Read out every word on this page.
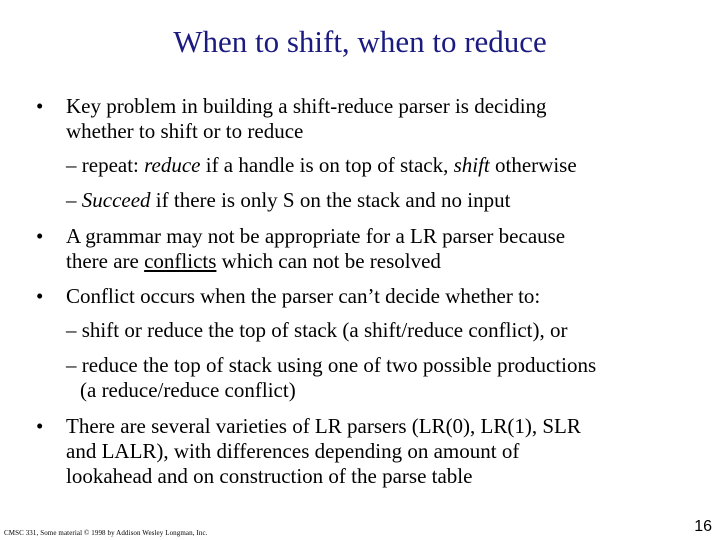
When to shift, when to reduce
• Key problem in building a shift-reduce parser is deciding
whether to shift or to reduce
– repeat: reduce if a handle is on top of stack, shift otherwise
– Succeed if there is only S on the stack and no input
• A grammar may not be appropriate for a LR parser because
there are conflicts which can not be resolved
• Conflict occurs when the parser can’t decide whether to:
– shift or reduce the top of stack (a shift/reduce conflict), or
– reduce the top of stack using one of two possible productions
(a reduce/reduce conflict)
• There are several varieties of LR parsers (LR(0), LR(1), SLR
and LALR), with differences depending on amount of
lookahead and on construction of the parse table
CMSC 331, Some material © 1998 by Addison Wesley Longman, Inc.	16
